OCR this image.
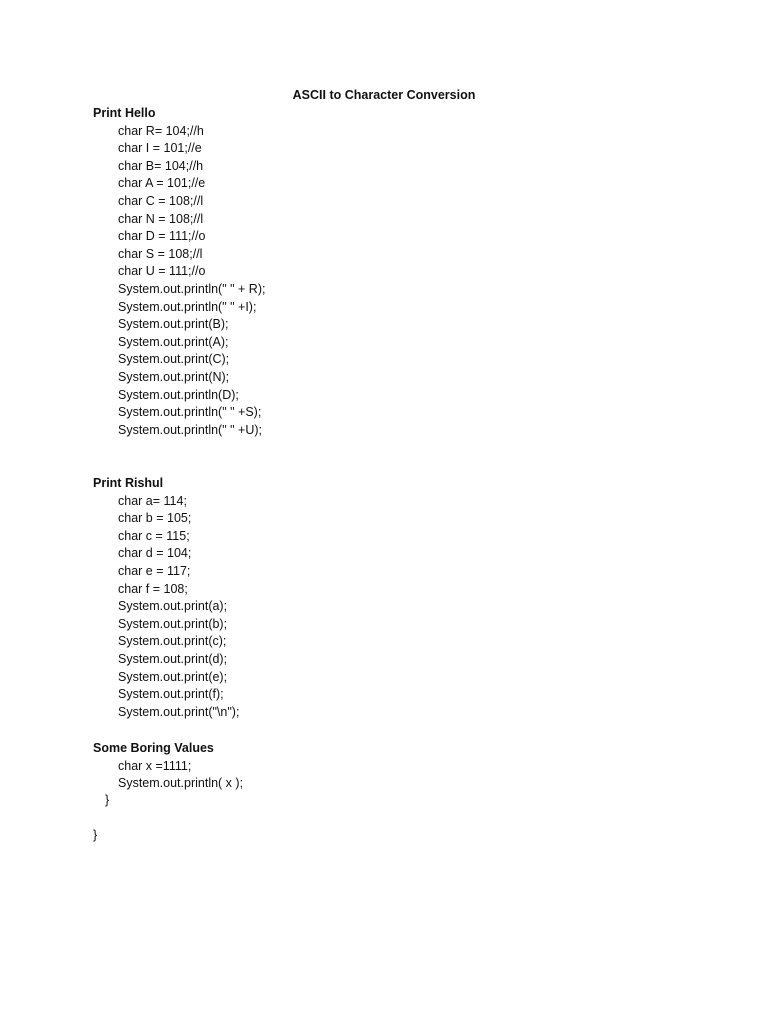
ASCII to Character Conversion
Print Hello
char R= 104;//h
char I = 101;//e
char B= 104;//h
char A = 101;//e
char C = 108;//l
char N = 108;//l
char D = 111;//o
char S = 108;//l
char U = 111;//o
System.out.println(" " + R);
System.out.println(" " +I);
System.out.print(B);
System.out.print(A);
System.out.print(C);
System.out.print(N);
System.out.println(D);
System.out.println(" " +S);
System.out.println(" " +U);
Print Rishul
char a= 114;
char b = 105;
char c = 115;
char d = 104;
char e = 117;
char f = 108;
System.out.print(a);
System.out.print(b);
System.out.print(c);
System.out.print(d);
System.out.print(e);
System.out.print(f);
System.out.print("\n");
Some Boring Values
char x =1111;
System.out.println( x );
}
}
